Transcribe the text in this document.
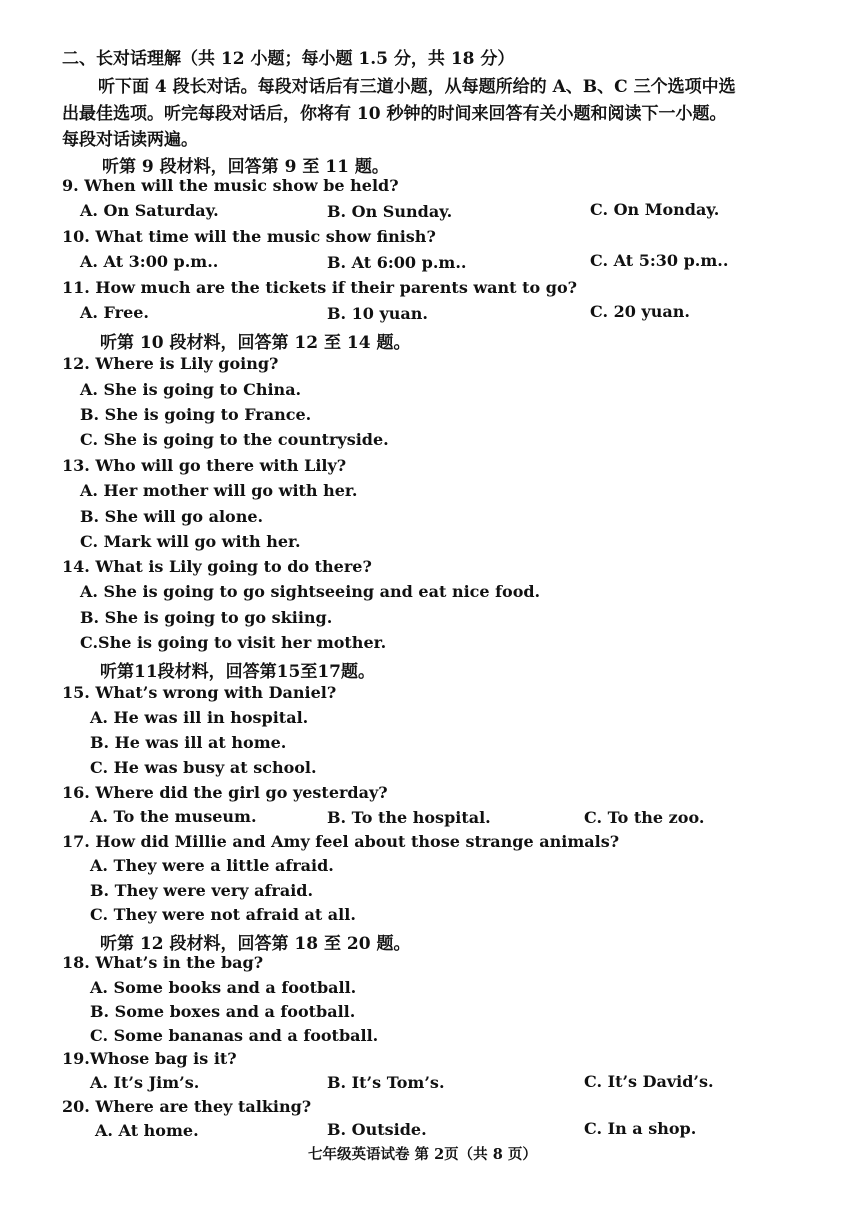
二、长对话理解（共 12 小题；每小题 1.5 分，共 18 分）
听下面 4 段长对话。每段对话后有三道小题，从每题所给的 A、B、C 三个选项中选
出最佳选项。听完每段对话后，你将有 10 秒钟的时间来回答有关小题和阅读下一小题。
每段对话读两遍。
听第 9 段材料，回答第 9 至 11 题。
9. When will the music show be held?
A. On Saturday.	B. On Sunday.	C. On Monday.
10. What time will the music show finish?
A. At 3:00 p.m..	B. At 6:00 p.m..	C. At 5:30 p.m..
11. How much are the tickets if their parents want to go?
A. Free.	B. 10 yuan.	C. 20 yuan.
听第 10 段材料，回答第 12 至 14 题。
12. Where is Lily going?
A. She is going to China.
B. She is going to France.
C. She is going to the countryside.
13. Who will go there with Lily?
A. Her mother will go with her.
B. She will go alone.
C. Mark will go with her.
14. What is Lily going to do there?
A. She is going to go sightseeing and eat nice food.
B. She is going to go skiing.
C.She is going to visit her mother.
听第11段材料，回答第15至17题。
15. What’s wrong with Daniel?
A. He was ill in hospital.
B. He was ill at home.
C. He was busy at school.
16. Where did the girl go yesterday?
A. To the museum.	B. To the hospital.	C. To the zoo.
17. How did Millie and Amy feel about those strange animals?
A. They were a little afraid.
B. They were very afraid.
C. They were not afraid at all.
听第 12 段材料，回答第 18 至 20 题。
18. What’s in the bag?
A. Some books and a football.
B. Some boxes and a football.
C. Some bananas and a football.
19.Whose bag is it?
A. It’s Jim’s.	B. It’s Tom’s.	C. It’s David’s.
20. Where are they talking?
A. At home.	B. Outside.	C. In a shop.
七年级英语试卷 第 2页（共 8 页）
